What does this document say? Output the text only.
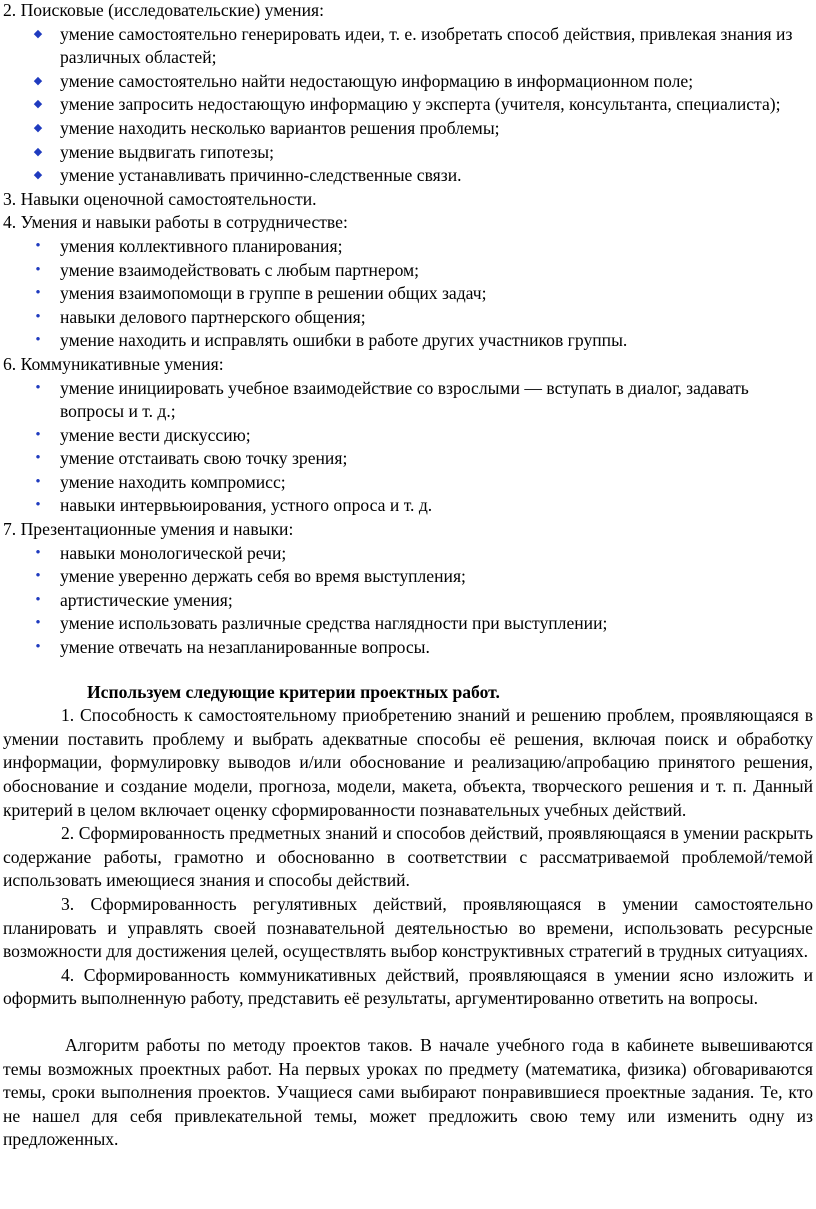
2. Поисковые (исследовательские) умения:

◆ умение самостоятельно генерировать идеи, т. е. изобретать способ действия, привлекая знания из различных областей;
◆ умение самостоятельно найти недостающую информацию в информационном поле;
◆ умение запросить недостающую информацию у эксперта (учителя, консультанта, специалиста);
◆ умение находить несколько вариантов решения проблемы;
◆ умение выдвигать гипотезы;
◆ умение устанавливать причинно-следственные связи.

3. Навыки оценочной самостоятельности.

4. Умения и навыки работы в сотрудничестве:

•	умения коллективного планирования;
•	умение взаимодействовать с любым партнером;
•	умения взаимопомощи в группе в решении общих задач;
•	навыки делового партнерского общения;
•	умение находить и исправлять ошибки в работе других участников группы.

6. Коммуникативные умения:

•	умение инициировать учебное взаимодействие со взрослыми — вступать в диалог, задавать вопросы и т. д.;
•	умение вести дискуссию;
•	умение отстаивать свою точку зрения;
•	умение находить компромисс;
•	навыки интервьюирования, устного опроса и т. д.

7. Презентационные умения и навыки:

•	навыки монологической речи;
•	умение уверенно держать себя во время выступления;
•	артистические умения;
•	умение использовать различные средства наглядности при выступлении;
•	умение отвечать на незапланированные вопросы.

Используем следующие критерии проектных работ.

1. Способность к самостоятельному приобретению знаний и решению проблем, проявляющаяся в умении поставить проблему и выбрать адекватные способы её решения, включая поиск и обработку информации, формулировку выводов и/или обоснование и реализацию/апробацию принятого решения, обоснование и создание модели, прогноза, модели, макета, объекта, творческого решения и т. п. Данный критерий в целом включает оценку сформированности познавательных учебных действий.

2. Сформированность предметных знаний и способов действий, проявляющаяся в умении раскрыть содержание работы, грамотно и обоснованно в соответствии с рассматриваемой проблемой/темой использовать имеющиеся знания и способы действий.

3. Сформированность регулятивных действий, проявляющаяся в умении самостоятельно планировать и управлять своей познавательной деятельностью во времени, использовать ресурсные возможности для достижения целей, осуществлять выбор конструктивных стратегий в трудных ситуациях.

4. Сформированность коммуникативных действий, проявляющаяся в умении ясно изложить и оформить выполненную работу, представить её результаты, аргументированно ответить на вопросы.

Алгоритм работы по методу проектов таков. В начале учебного года в кабинете вывешиваются темы возможных проектных работ. На первых уроках по предмету (математика, физика) обговариваются темы, сроки выполнения проектов. Учащиеся сами выбирают понравившиеся проектные задания. Те, кто не нашел для себя привлекательной темы, может предложить свою тему или изменить одну из предложенных.
